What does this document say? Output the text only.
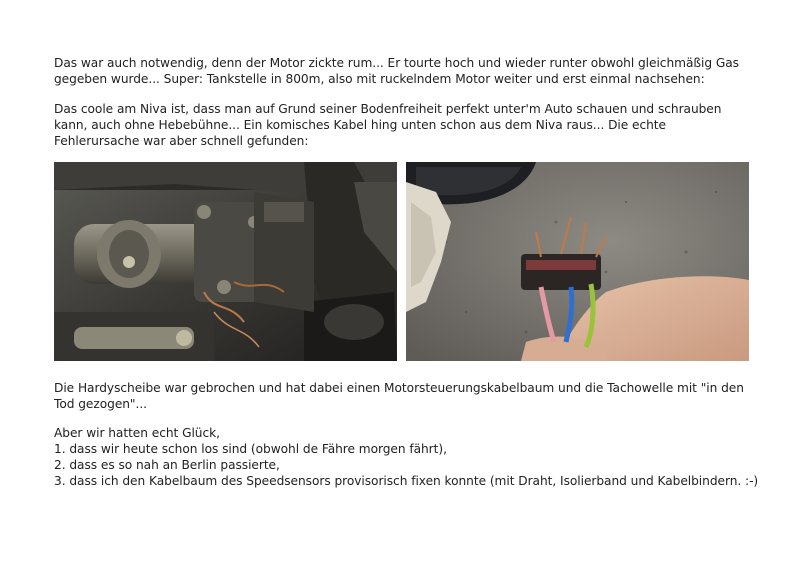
Das war auch notwendig, denn der Motor zickte rum... Er tourte hoch und wieder runter obwohl gleichmäßig Gas gegeben wurde... Super: Tankstelle in 800m, also mit ruckelndem Motor weiter und erst einmal nachsehen:

Das coole am Niva ist, dass man auf Grund seiner Bodenfreiheit perfekt unter'm Auto schauen und schrauben kann, auch ohne Hebebühne... Ein komisches Kabel hing unten schon aus dem Niva raus... Die echte Fehlerursache war aber schnell gefunden:

Die Hardyscheibe war gebrochen und hat dabei einen Motorsteuerungskabelbaum und die Tachowelle mit "in den Tod gezogen"...

Aber wir hatten echt Glück,
1. dass wir heute schon los sind (obwohl de Fähre morgen fährt),
2. dass es so nah an Berlin passierte,
3. dass ich den Kabelbaum des Speedsensors provisorisch fixen konnte (mit Draht, Isolierband und Kabelbindern. :-)
